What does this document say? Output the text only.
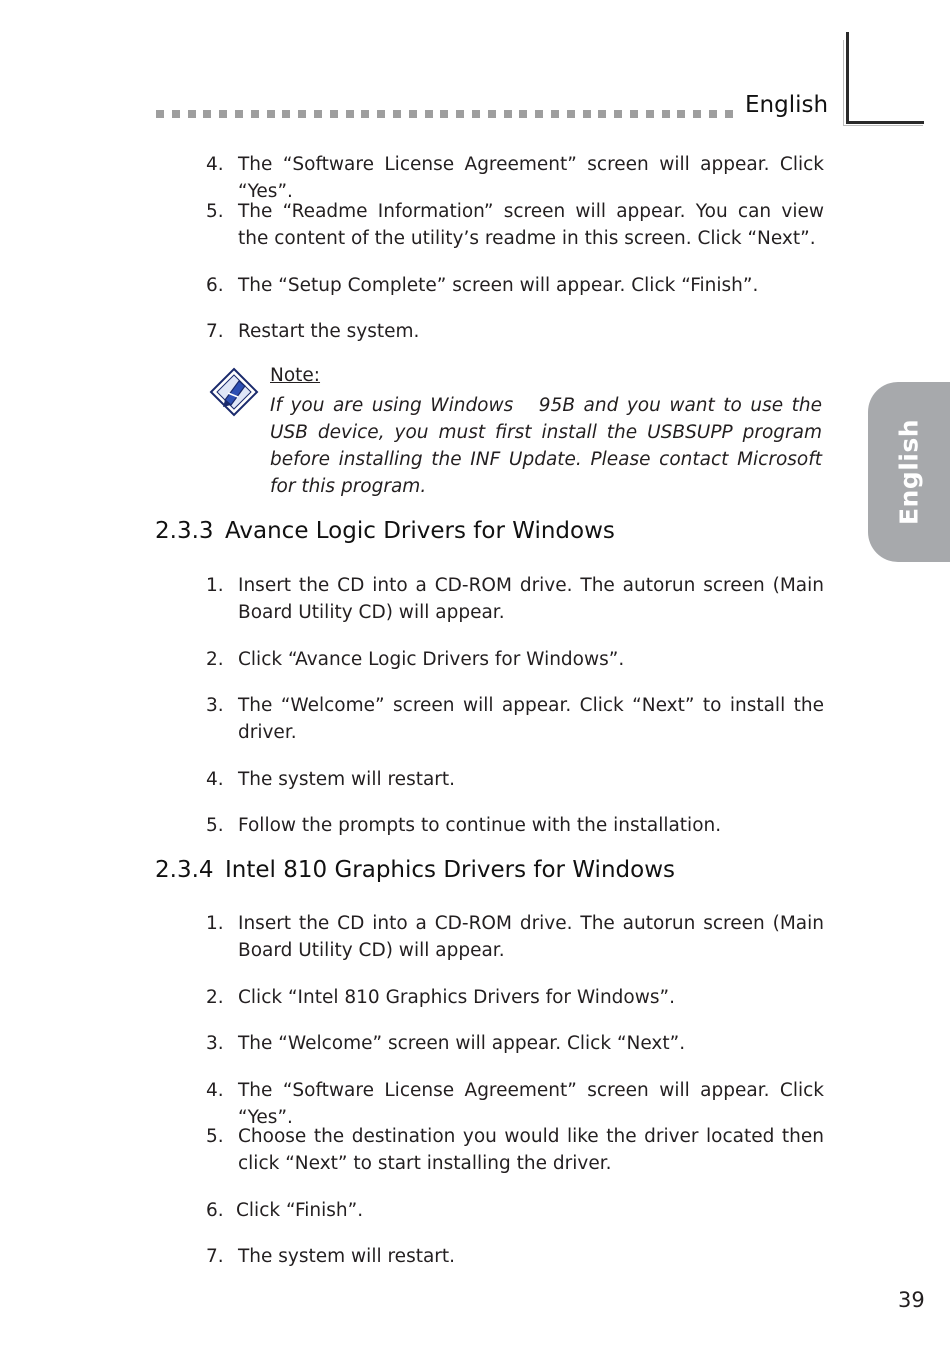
English
English
4. The “Software License Agreement” screen will appear. Click “Yes”.
5. The “Readme Information” screen will appear. You can view the content of the utility’s readme in this screen. Click “Next”.
6. The “Setup Complete” screen will appear. Click “Finish”.
7. Restart the system.
Note:
If you are using Windows   95B and you want to use the USB device, you must first install the USBSUPP program before installing the INF Update. Please contact Microsoft for this program.
2.3.3 Avance Logic Drivers for Windows
1. Insert the CD into a CD-ROM drive. The autorun screen (Main Board Utility CD) will appear.
2. Click “Avance Logic Drivers for Windows”.
3. The “Welcome” screen will appear. Click “Next” to install the driver.
4. The system will restart.
5. Follow the prompts to continue with the installation.
2.3.4 Intel 810 Graphics Drivers for Windows
1. Insert the CD into a CD-ROM drive. The autorun screen (Main Board Utility CD) will appear.
2. Click “Intel 810 Graphics Drivers for Windows”.
3. The “Welcome” screen will appear. Click “Next”.
4. The “Software License Agreement” screen will appear. Click “Yes”.
5. Choose the destination you would like the driver located then click “Next” to start installing the driver.
6. Click “Finish”.
7. The system will restart.
39
